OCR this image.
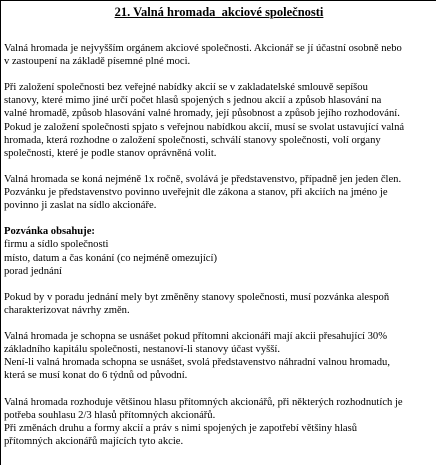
21. Valná hromada  akciové společnosti

Valná hromada je nejvyšším orgánem akciové společnosti. Akcionář se jí účastní osobně nebo
v zastoupení na základě písemné plné moci.

Při založení společnosti bez veřejné nabídky akcií se v zakladatelské smlouvě sepíšou
stanovy, které mimo jiné určí počet hlasů spojených s jednou akcií a způsob hlasování na
valné hromadě, způsob hlasování valné hromady, její působnost a způsob jejího rozhodování.
Pokud je založení společnosti spjato s veřejnou nabídkou akcií, musí se svolat ustavující valná
hromada, která rozhodne o založení společnosti, schválí stanovy společnosti, volí organy
společnosti, které je podle stanov oprávněná volit.

Valná hromada se koná nejméně 1x ročně, svolává je představenstvo, případně jen jeden člen.
Pozvánku je představenstvo povinno uveřejnit dle zákona a stanov, při akciích na jméno je
povinno ji zaslat na sídlo akcionáře.

Pozvánka obsahuje:
firmu a sídlo společnosti
místo, datum a čas konání (co nejméně omezující)
porad jednání

Pokud by v poradu jednání mely byt změněny stanovy společnosti, musí pozvánka alespoň
charakterizovat návrhy změn.

Valná hromada je schopna se usnášet pokud přítomni akcionáři mají akcii přesahující 30%
základního kapitálu společnosti, nestanoví-li stanovy účast vyšší.
Není-li valná hromada schopna se usnášet, svolá představenstvo náhradní valnou hromadu,
která se musí konat do 6 týdnů od původní.

Valná hromada rozhoduje většinou hlasu přítomných akcionářů, při některých rozhodnutích je
potřeba souhlasu 2/3 hlasů přítomných akcionářů.
Při změnách druhu a formy akcií a práv s nimi spojených je zapotřebí většiny hlasů
přítomných akcionářů majících tyto akcie.
